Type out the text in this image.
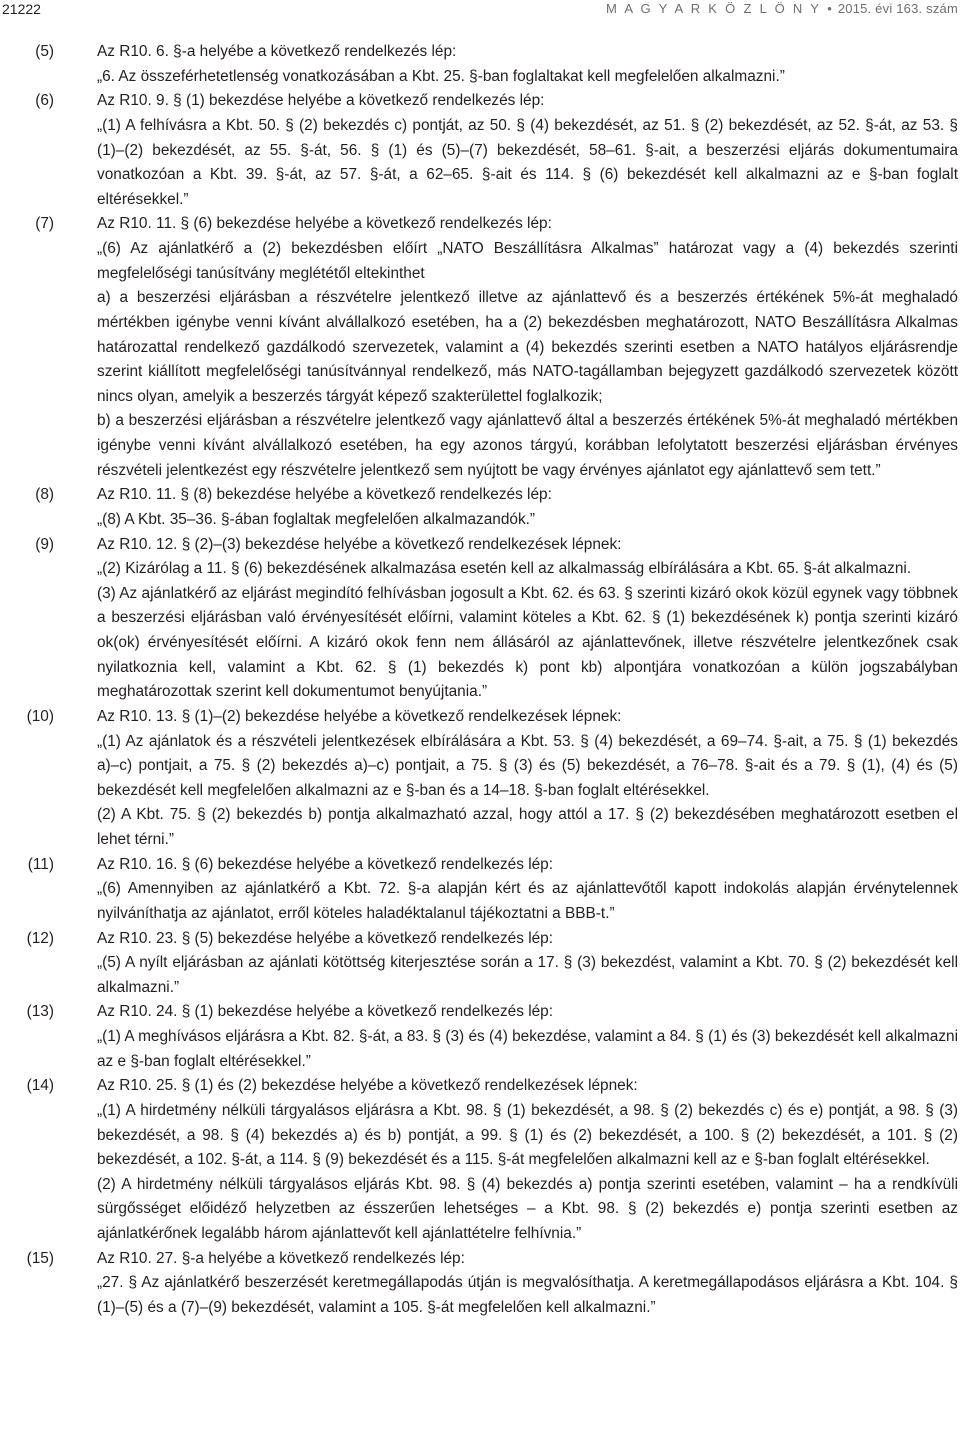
21222	M A G Y A R K Ö Z L Ö N Y • 2015. évi 163. szám
(5)	Az R10. 6. §-a helyébe a következő rendelkezés lép:
„6. Az összeférhetetlenség vonatkozásában a Kbt. 25. §-ban foglaltakat kell megfelelően alkalmazni.”
(6)	Az R10. 9. § (1) bekezdése helyébe a következő rendelkezés lép:
„(1) A felhívásra a Kbt. 50. § (2) bekezdés c) pontját, az 50. § (4) bekezdését, az 51. § (2) bekezdését, az 52. §-át, az 53. § (1)–(2) bekezdését, az 55. §-át, 56. § (1) és (5)–(7) bekezdését, 58–61. §-ait, a beszerzési eljárás dokumentumaira vonatkozóan a Kbt. 39. §-át, az 57. §-át, a 62–65. §-ait és 114. § (6) bekezdését kell alkalmazni az e §-ban foglalt eltérésekkel.”
(7)	Az R10. 11. § (6) bekezdése helyébe a következő rendelkezés lép:
„(6) Az ajánlatkérő a (2) bekezdésben előírt „NATO Beszállításra Alkalmas” határozat vagy a (4) bekezdés szerinti megfelelőségi tanúsítvány meglététől eltekinthet
a) a beszerzési eljárásban a részvételre jelentkező illetve az ajánlattevő és a beszerzés értékének 5%-át meghaladó mértékben igénybe venni kívánt alvállalkozó esetében, ha a (2) bekezdésben meghatározott, NATO Beszállításra Alkalmas határozattal rendelkező gazdálkodó szervezetek, valamint a (4) bekezdés szerinti esetben a NATO hatályos eljárásrendje szerint kiállított megfelelőségi tanúsítvánnyal rendelkező, más NATO-tagállamban bejegyzett gazdálkodó szervezetek között nincs olyan, amelyik a beszerzés tárgyát képező szakterülettel foglalkozik;
b) a beszerzési eljárásban a részvételre jelentkező vagy ajánlattevő által a beszerzés értékének 5%-át meghaladó mértékben igénybe venni kívánt alvállalkozó esetében, ha egy azonos tárgyú, korábban lefolytatott beszerzési eljárásban érvényes részvételi jelentkezést egy részvételre jelentkező sem nyújtott be vagy érvényes ajánlatot egy ajánlattevő sem tett.”
(8)	Az R10. 11. § (8) bekezdése helyébe a következő rendelkezés lép:
„(8) A Kbt. 35–36. §-ában foglaltak megfelelően alkalmazandók.”
(9)	Az R10. 12. § (2)–(3) bekezdése helyébe a következő rendelkezések lépnek:
„(2) Kizárólag a 11. § (6) bekezdésének alkalmazása esetén kell az alkalmasság elbírálására a Kbt. 65. §-át alkalmazni.
(3) Az ajánlatkérő az eljárást megindító felhívásban jogosult a Kbt. 62. és 63. § szerinti kizáró okok közül egynek vagy többnek a beszerzési eljárásban való érvényesítését előírni, valamint köteles a Kbt. 62. § (1) bekezdésének k) pontja szerinti kizáró ok(ok) érvényesítését előírni. A kizáró okok fenn nem állásáról az ajánlattevőnek, illetve részvételre jelentkezőnek csak nyilatkoznia kell, valamint a Kbt. 62. § (1) bekezdés k) pont kb) alpontjára vonatkozóan a külön jogszabályban meghatározottak szerint kell dokumentumot benyújtania.”
(10)	Az R10. 13. § (1)–(2) bekezdése helyébe a következő rendelkezések lépnek:
„(1) Az ajánlatok és a részvételi jelentkezések elbírálására a Kbt. 53. § (4) bekezdését, a 69–74. §-ait, a 75. § (1) bekezdés a)–c) pontjait, a 75. § (2) bekezdés a)–c) pontjait, a 75. § (3) és (5) bekezdését, a 76–78. §-ait és a 79. § (1), (4) és (5) bekezdését kell megfelelően alkalmazni az e §-ban és a 14–18. §-ban foglalt eltérésekkel.
(2) A Kbt. 75. § (2) bekezdés b) pontja alkalmazható azzal, hogy attól a 17. § (2) bekezdésében meghatározott esetben el lehet térni.”
(11)	Az R10. 16. § (6) bekezdése helyébe a következő rendelkezés lép:
„(6) Amennyiben az ajánlatkérő a Kbt. 72. §-a alapján kért és az ajánlattevőtől kapott indokolás alapján érvénytelennek nyilváníthatja az ajánlatot, erről köteles haladéktalanul tájékoztatni a BBB-t.”
(12)	Az R10. 23. § (5) bekezdése helyébe a következő rendelkezés lép:
„(5) A nyílt eljárásban az ajánlati kötöttség kiterjesztése során a 17. § (3) bekezdést, valamint a Kbt. 70. § (2) bekezdését kell alkalmazni.”
(13)	Az R10. 24. § (1) bekezdése helyébe a következő rendelkezés lép:
„(1) A meghívásos eljárásra a Kbt. 82. §-át, a 83. § (3) és (4) bekezdése, valamint a 84. § (1) és (3) bekezdését kell alkalmazni az e §-ban foglalt eltérésekkel.”
(14)	Az R10. 25. § (1) és (2) bekezdése helyébe a következő rendelkezések lépnek:
„(1) A hirdetmény nélküli tárgyalásos eljárásra a Kbt. 98. § (1) bekezdését, a 98. § (2) bekezdés c) és e) pontját, a 98. § (3) bekezdését, a 98. § (4) bekezdés a) és b) pontját, a 99. § (1) és (2) bekezdését, a 100. § (2) bekezdését, a 101. § (2) bekezdését, a 102. §-át, a 114. § (9) bekezdését és a 115. §-át megfelelően alkalmazni kell az e §-ban foglalt eltérésekkel.
(2) A hirdetmény nélküli tárgyalásos eljárás Kbt. 98. § (4) bekezdés a) pontja szerinti esetében, valamint – ha a rendkívüli sürgősséget előidéző helyzetben az ésszerűen lehetséges – a Kbt. 98. § (2) bekezdés e) pontja szerinti esetben az ajánlatkérőnek legalább három ajánlattevőt kell ajánlattételre felhívnia.”
(15)	Az R10. 27. §-a helyébe a következő rendelkezés lép:
„27. § Az ajánlatkérő beszerzését keretmegállapodás útján is megvalósíthatja. A keretmegállapodásos eljárásra a Kbt. 104. § (1)–(5) és a (7)–(9) bekezdését, valamint a 105. §-át megfelelően kell alkalmazni.”
